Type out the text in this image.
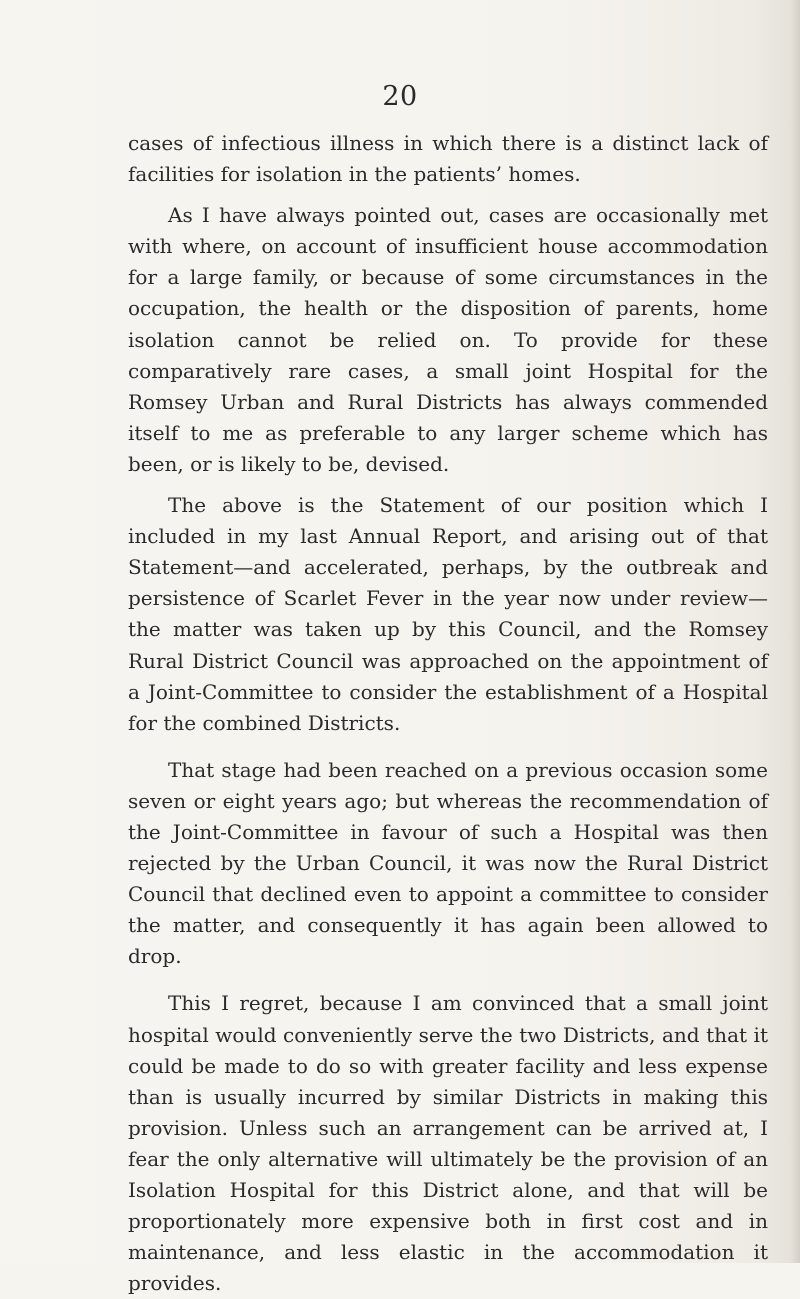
20

cases of infectious illness in which there is a distinct lack of facilities for isolation in the patients’ homes.

As I have always pointed out, cases are occasionally met with where, on account of insufficient house accommodation for a large family, or because of some circumstances in the occupation, the health or the disposition of parents, home isolation cannot be relied on. To provide for these comparatively rare cases, a small joint Hospital for the Romsey Urban and Rural Districts has always commended itself to me as preferable to any larger scheme which has been, or is likely to be, devised.

The above is the Statement of our position which I included in my last Annual Report, and arising out of that Statement—and accelerated, perhaps, by the outbreak and persistence of Scarlet Fever in the year now under review—the matter was taken up by this Council, and the Romsey Rural District Council was approached on the appointment of a Joint-Committee to consider the establishment of a Hospital for the combined Districts.

That stage had been reached on a previous occasion some seven or eight years ago; but whereas the recommendation of the Joint-Committee in favour of such a Hospital was then rejected by the Urban Council, it was now the Rural District Council that declined even to appoint a committee to consider the matter, and consequently it has again been allowed to drop.

This I regret, because I am convinced that a small joint hospital would conveniently serve the two Districts, and that it could be made to do so with greater facility and less expense than is usually incurred by similar Districts in making this provision. Unless such an arrangement can be arrived at, I fear the only alternative will ultimately be the provision of an Isolation Hospital for this District alone, and that will be proportionately more expensive both in first cost and in maintenance, and less elastic in the accommodation it provides.
